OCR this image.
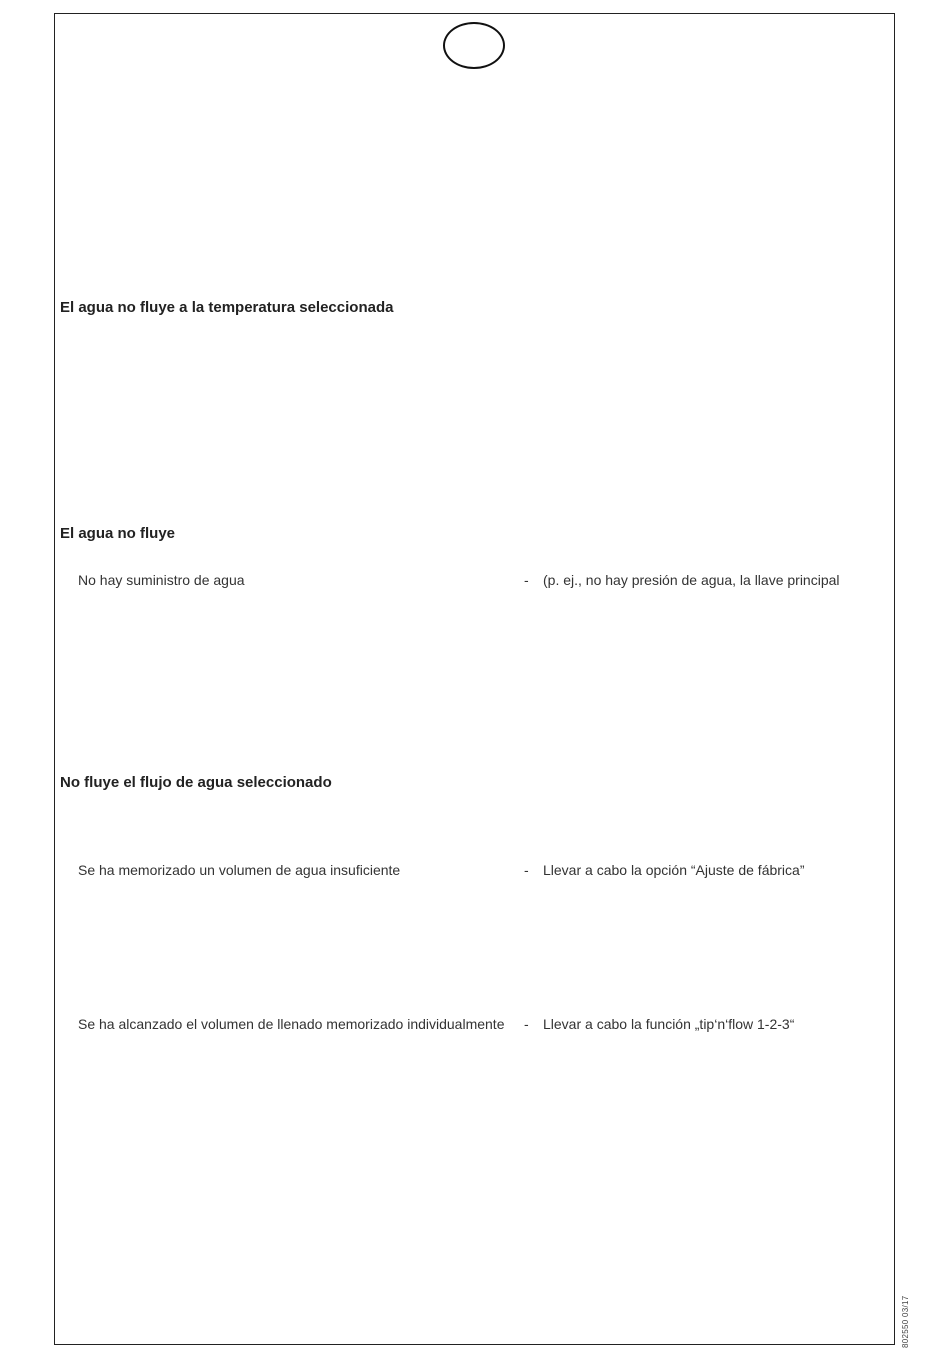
El agua no fluye a la temperatura seleccionada
El agua no fluye
No hay suministro de agua	- (p. ej., no hay presión de agua, la llave principal
No fluye el flujo de agua seleccionado
Se ha memorizado un volumen de agua insuficiente	- Llevar a cabo la opción “Ajuste de fábrica”
Se ha alcanzado el volumen de llenado memorizado individualmente - Llevar a cabo la función „tip‘n‘flow 1-2-3“
802550 03/17
